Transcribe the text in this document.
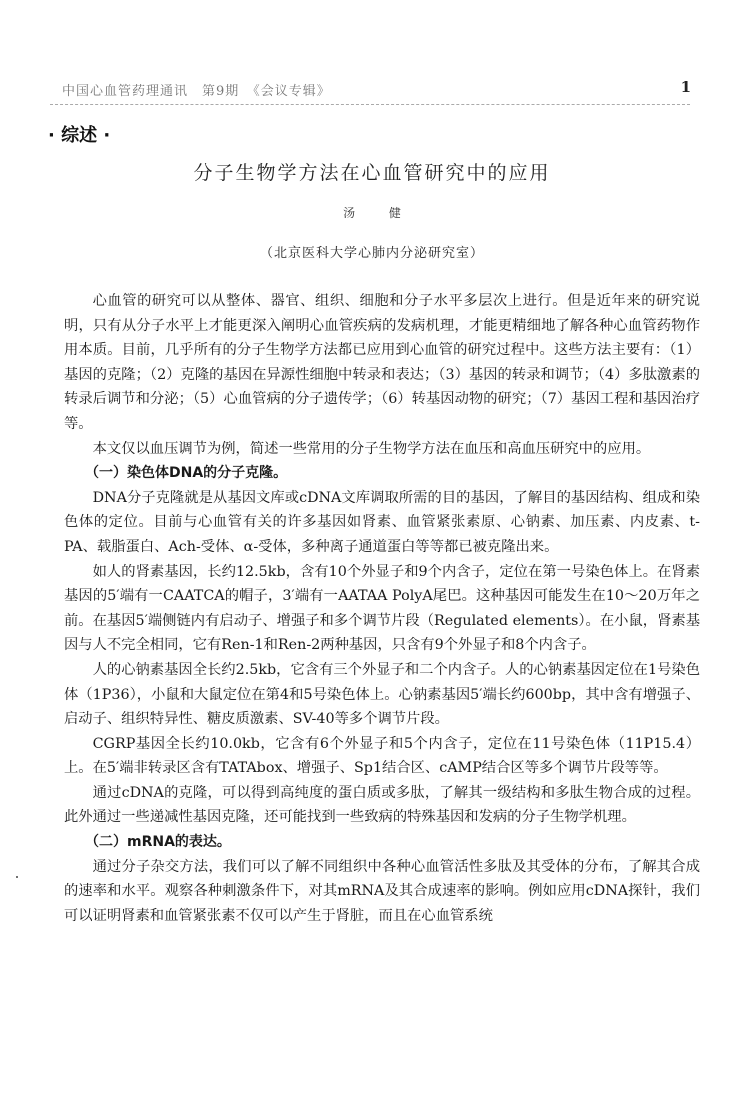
中国心血管药理通讯　第9期　《会议专辑》	1
· 综述 ·
分子生物学方法在心血管研究中的应用
汤 健
（北京医科大学心肺内分泌研究室）

心血管的研究可以从整体、器官、组织、细胞和分子水平多层次上进行。但是近年来的研究说明，只有从分子水平上才能更深入阐明心血管疾病的发病机理，才能更精细地了解各种心血管药物作用本质。目前，几乎所有的分子生物学方法都已应用到心血管的研究过程中。这些方法主要有：（1）基因的克隆；（2）克隆的基因在异源性细胞中转录和表达；（3）基因的转录和调节；（4）多肽激素的转录后调节和分泌；（5）心血管病的分子遗传学；（6）转基因动物的研究；（7）基因工程和基因治疗等。

本文仅以血压调节为例，简述一些常用的分子生物学方法在血压和高血压研究中的应用。

（一）染色体DNA的分子克隆。

DNA分子克隆就是从基因文库或cDNA文库调取所需的目的基因，了解目的基因结构、组成和染色体的定位。目前与心血管有关的许多基因如肾素、血管紧张素原、心钠素、加压素、内皮素、t-PA、载脂蛋白、Ach-受体、α-受体，多种离子通道蛋白等等都已被克隆出来。

如人的肾素基因，长约12.5kb，含有10个外显子和9个内含子，定位在第一号染色体上。在肾素基因的5′端有一CAATCA的帽子，3′端有一AATAA PolyA尾巴。这种基因可能发生在10～20万年之前。在基因5′端侧链内有启动子、增强子和多个调节片段（Regulated elements）。在小鼠，肾素基因与人不完全相同，它有Ren-1和Ren-2两种基因，只含有9个外显子和8个内含子。

人的心钠素基因全长约2.5kb，它含有三个外显子和二个内含子。人的心钠素基因定位在1号染色体（1P36），小鼠和大鼠定位在第4和5号染色体上。心钠素基因5′端长约600bp，其中含有增强子、启动子、组织特异性、糖皮质激素、SV-40等多个调节片段。

CGRP基因全长约10.0kb，它含有6个外显子和5个内含子，定位在11号染色体（11P15.4）上。在5′端非转录区含有TATAbox、增强子、Sp1结合区、cAMP结合区等多个调节片段等等。

通过cDNA的克隆，可以得到高纯度的蛋白质或多肽，了解其一级结构和多肽生物合成的过程。此外通过一些递减性基因克隆，还可能找到一些致病的特殊基因和发病的分子生物学机理。

（二）mRNA的表达。

通过分子杂交方法，我们可以了解不同组织中各种心血管活性多肽及其受体的分布，了解其合成的速率和水平。观察各种刺激条件下，对其mRNA及其合成速率的影响。例如应用cDNA探针，我们可以证明肾素和血管紧张素不仅可以产生于肾脏，而且在心血管系统
